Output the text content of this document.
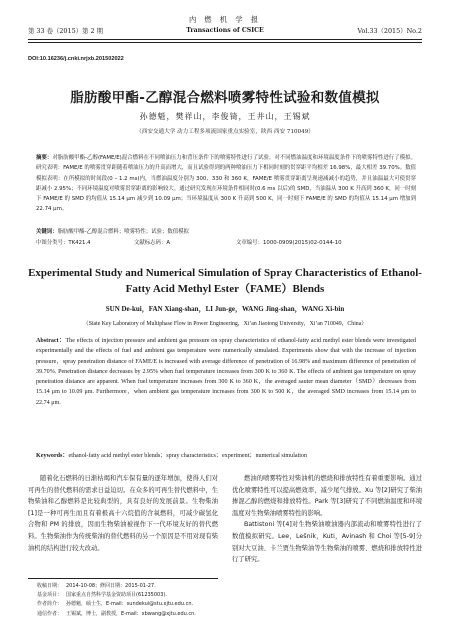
第 33 卷（2015）第 2 期
内 燃 机 学 报
Transactions of CSICE	Vol.33（2015）No.2
DOI:10.16236/j.cnki.nrjxb.201502022
脂肪酸甲酯-乙醇混合燃料喷雾特性试验和数值模拟
孙德魁，樊祥山，李俊锜，王井山，王锡斌
（西安交通大学 动力工程多项流国家重点实验室，陕西 西安 710049）
摘要：对脂肪酸甲酯-乙醇(FAME/E)混合燃料在不同喷油压力和背压条件下的喷雾特性进行了试验。对不同燃油温度和环境温度条件下的喷雾特性进行了模拟。研究表明：FAME/E 的喷雾贯穿距随着喷油压力的升高而增大，而且试验得到的两种喷油压力下相同时刻的贯穿距平均相差 16.98%，最大相差 39.70%。数值模拟表明：在所模拟的时间段(0 – 1.2 ms)内，当燃油温度分别为 300、330 和 360 K，FAME/E 喷雾贯穿距离呈现递减减小的趋势，并且油温最大可使贯穿距减小 2.95%；不同环境温度对喷雾贯穿距离的影响较大。通过研究发现在环境条件相同时(0.6 ms 以后)的 SMD，当油温从 300 K 升高到 360 K，同一时刻下 FAME/E 的 SMD 的均值从 15.14 μm 减少到 10.09 μm；当环境温度从 300 K 升高到 500 K，同一时刻下 FAME/E 的 SMD 的均值从 15.14 μm 增加到 22.74 μm。
关键词：脂肪酸甲酯-乙醇混合燃料；喷雾特性；试验；数值模拟
中图分类号：TK421.4	文献标志码：A	文章编号：1000-0909(2015)02-0144-10
Experimental Study and Numerical Simulation of Spray Characteristics of Ethanol-Fatty Acid Methyl Ester（FAME）Blends
SUN De-kui，FAN Xiang-shan，LI Jun-ge，WANG Jing-shan，WANG Xi-bin
（State Key Laboratory of Multiphase Flow in Power Engineering，Xi’an Jiaotong University，Xi’an 710049，China）
Abstract：The effects of injection pressure and ambient gas pressure on spray characteristics of ethanol-fatty acid methyl ester blends were investigated experimentally and the effects of fuel and ambient gas temperature were numerically simulated. Experiments show that with the increase of injection pressure，spray penetration distance of FAME/E is increased with average difference of penetration of 16.98% and maximum difference of penetration of 39.70%. Penetration distance decreases by 2.95% when fuel temperature increases from 300 K to 360 K. The effects of ambient gas temperature on spray penetration distance are apparent. When fuel temperature increases from 300 K to 360 K，the averaged sauter mean diameter（SMD）decreases from 15.14 μm to 10.09 μm. Furthermore，when ambient gas temperature increases from 300 K to 500 K，the averaged SMD increases from 15.14 μm to 22.74 μm.
Keywords：ethanol-fatty acid methyl ester blends；spray characteristics；experiment；numerical simulation

随着化石燃料的日渐枯竭和汽车保有量的逐年增加，使得人们对可再生的替代燃料的需求日益迫切。在众多的可再生替代燃料中，生物柴油和乙醇燃料是比较典型的，具有良好的发展前景。生物柴油[1]是一种可再生而且有着极高十六烷值的含氧燃料，可减少碳氢化合物和 PM 的排放，因而生物柴油被视作下一代环境友好的替代燃料。生物柴油作为传统柴油的替代燃料的另一个原因是不用对现有柴油机的结构进行较大改动。

燃油的喷雾特性对柴油机的燃烧和排放特性有着重要影响。通过优化喷雾特性可以提高燃效率，减少尾气排放。Xu 等[2]研究了柴油掺混乙醇的燃烧和排放特性。Park 等[3]研究了不同燃油温度和环境温度对生物柴油喷雾特性的影响。

Battistoni 等[4]对生物柴油喷油器内部流动和喷雾特性进行了数值模拟研究。Lee，Lešnik，Kuti，Avinash 和 Choi 等[5-9]分别对大豆油、卡兰贾生物柴油等生物柴油的喷雾、燃烧和排放特性进行了研究。

收稿日期： 2014-10-08；修回日期：2015-01-27.
基金项目： 国家重点自然科学基金资助项目(61235003).
作者简介： 孙德魁，硕士生，E-mail：sundekui@stu.xjtu.edu.cn.
通信作者： 王锡斌，博士，副教授，E-mail：xbwang@xjtu.edu.cn.
